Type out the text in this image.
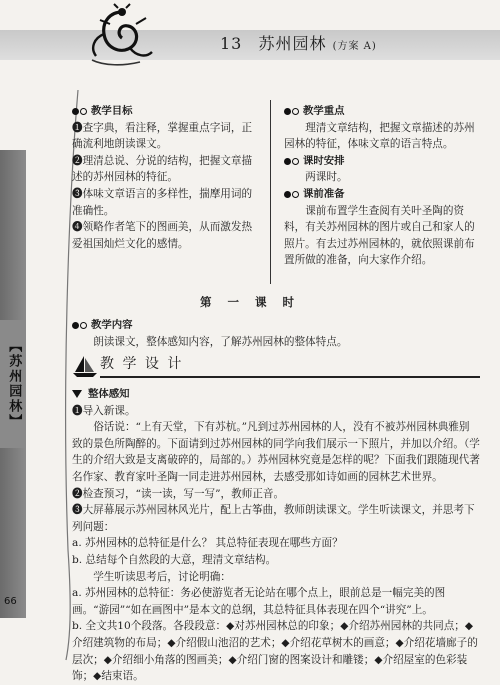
13 苏州园林 (方案 A)
【苏州园林】
66
教学目标
❶查字典，看注释，掌握重点字词，正确流利地朗读课文。
❷理清总说、分说的结构，把握文章描述的苏州园林的特征。
❸体味文章语言的多样性，揣摩用词的准确性。
❹领略作者笔下的图画美，从而激发热爱祖国灿烂文化的感情。
教学重点
理清文章结构，把握文章描述的苏州园林的特征，体味文章的语言特点。
课时安排
两课时。
课前准备
课前布置学生查阅有关叶圣陶的资料，有关苏州园林的图片或自己和家人的照片。有去过苏州园林的，就依照课前布置所做的准备，向大家作介绍。
第 一 课 时
教学内容
朗读课文，整体感知内容，了解苏州园林的整体特点。
教 学 设 计
整体感知
❶导入新课。
俗话说：“上有天堂，下有苏杭。”凡到过苏州园林的人，没有不被苏州园林典雅别致的景色所陶醉的。下面请到过苏州园林的同学向我们展示一下照片，并加以介绍。（学生的介绍大致是支离破碎的，局部的。）苏州园林究竟是怎样的呢？下面我们跟随现代著名作家、教育家叶圣陶一同走进苏州园林，去感受那如诗如画的园林艺术世界。
❷检查预习，“读一读，写一写”，教师正音。
❸大屏幕展示苏州园林风光片，配上古筝曲，教师朗读课文。学生听读课文，并思考下列问题：
a. 苏州园林的总特征是什么？ 其总特征表现在哪些方面？
b. 总结每个自然段的大意，理清文章结构。
学生听读思考后，讨论明确：
a. 苏州园林的总特征：务必使游览者无论站在哪个点上，眼前总是一幅完美的图画。“游园”“如在画图中”是本文的总纲，其总特征具体表现在四个“讲究”上。
b. 全文共10个段落。各段段意：◆对苏州园林总的印象；◆介绍苏州园林的共同点；◆介绍建筑物的布局；◆介绍假山池沼的艺术；◆介绍花草树木的画意；◆介绍花墙廊子的层次；◆介绍细小角落的图画美；◆介绍门窗的图案设计和雕镂；◆介绍屋室的色彩装饰；◆结束语。
